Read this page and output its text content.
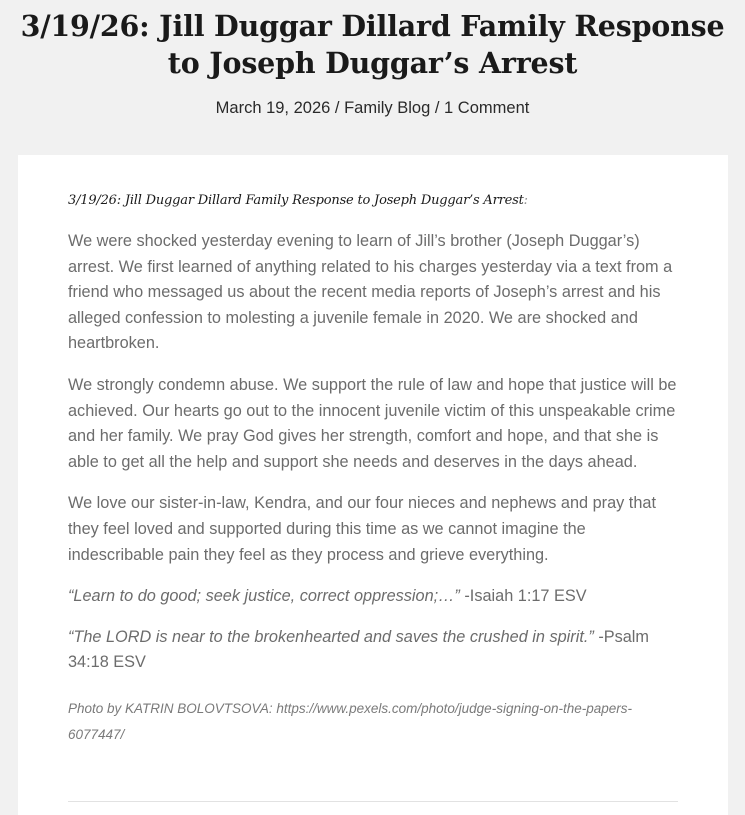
3/19/26: Jill Duggar Dillard Family Response to Joseph Duggar’s Arrest
March 19, 2026 / Family Blog / 1 Comment

3/19/26: Jill Duggar Dillard Family Response to Joseph Duggar’s Arrest:

We were shocked yesterday evening to learn of Jill’s brother (Joseph Duggar’s) arrest. We first learned of anything related to his charges yesterday via a text from a friend who messaged us about the recent media reports of Joseph’s arrest and his alleged confession to molesting a juvenile female in 2020. We are shocked and heartbroken.

We strongly condemn abuse. We support the rule of law and hope that justice will be achieved. Our hearts go out to the innocent juvenile victim of this unspeakable crime and her family. We pray God gives her strength, comfort and hope, and that she is able to get all the help and support she needs and deserves in the days ahead.

We love our sister-in-law, Kendra, and our four nieces and nephews and pray that they feel loved and supported during this time as we cannot imagine the indescribable pain they feel as they process and grieve everything.

“Learn to do good; seek justice, correct oppression;…” -Isaiah 1:17 ESV

“The LORD is near to the brokenhearted and saves the crushed in spirit.” -Psalm 34:18 ESV

Photo by KATRIN BOLOVTSOVA: https://www.pexels.com/photo/judge-signing-on-the-papers-6077447/
